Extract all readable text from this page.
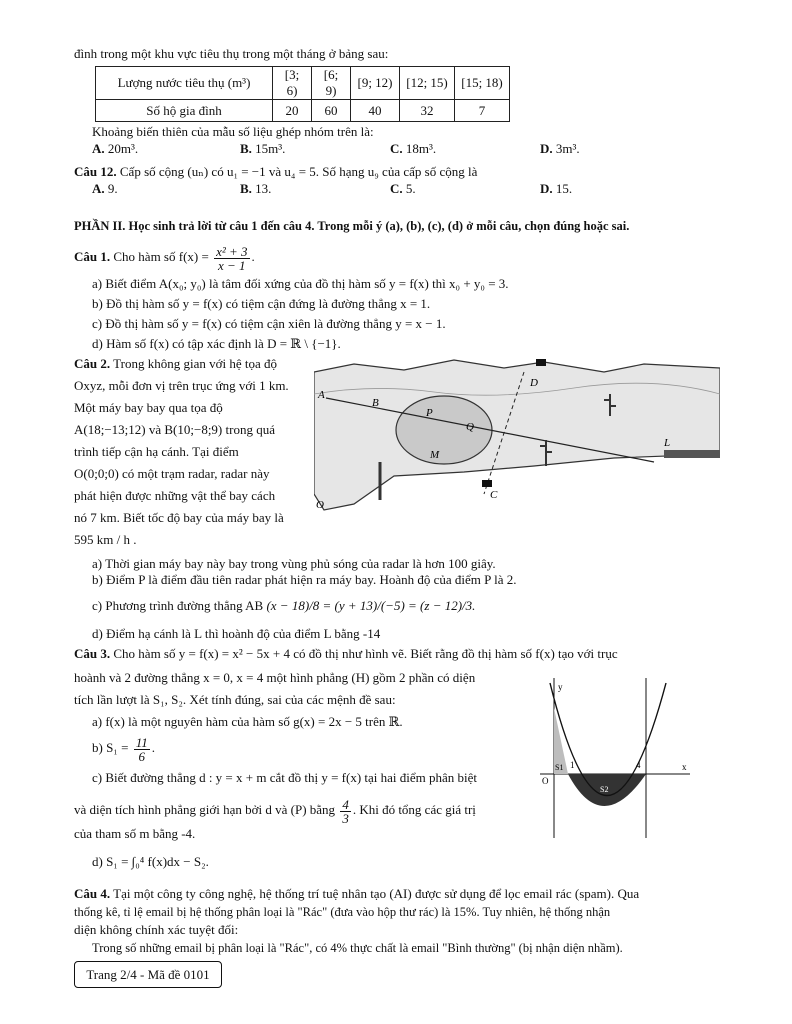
đình trong một khu vực tiêu thụ trong một tháng ở bảng sau:
Lượng nước tiêu thụ (m³)	[3; 6)	[6; 9)	[9; 12)	[12; 15)	[15; 18)
Số hộ gia đình	20	60	40	32	7
Khoảng biến thiên của mẫu số liệu ghép nhóm trên là:
A. 20m³.	B. 15m³.	C. 18m³.	D. 3m³.
Câu 12. Cấp số cộng (uₙ) có u₁ = −1 và u₄ = 5. Số hạng u₉ của cấp số cộng là
A. 9.	B. 13.	C. 5.	D. 15.
PHẦN II. Học sinh trả lời từ câu 1 đến câu 4. Trong mỗi ý (a), (b), (c), (d) ở mỗi câu, chọn đúng hoặc sai.
Câu 1. Cho hàm số $f(x) = \frac{\text{x² + 3}}{x - 1}$ .
a) Biết điểm A(x₀; y₀) là tâm đối xứng của đồ thị hàm số y = f(x) thì x₀ + y₀ = 3.
b) Đồ thị hàm số y = f(x) có tiệm cận đứng là đường thẳng x = 1.
c) Đồ thị hàm số y = f(x) có tiệm cận xiên là đường thẳng y = x − 1.
d) Hàm số f(x) có tập xác định là D = ℝ \ {−1}.
Câu 2. Trong không gian với hệ tọa độ
Oxyz, mỗi đơn vị trên trục ứng với 1 km.
Một máy bay bay qua tọa độ
A(18;−13;12) và B(10;−8;9) trong quá
trình tiếp cận hạ cánh. Tại điểm
O(0;0;0) có một trạm radar, radar này
phát hiện được những vật thể bay cách
nó 7 km. Biết tốc độ bay của máy bay là
595 km / h .
A
B
P
Q
M
D
C
L
O
a) Thời gian máy bay này bay trong vùng phủ sóng của radar là hơn 100 giây.
b) Điểm P là điểm đầu tiên radar phát hiện ra máy bay. Hoành độ của điểm P là 2.
c) Phương trình đường thẳng AB (x − 18)/8 = (y + 13)/(−5) = (z − 12)/3.
d) Điểm hạ cánh là L thì hoành độ của điểm L bằng -14
Câu 3. Cho hàm số y = f(x) = x² − 5x + 4 có đồ thị như hình vẽ. Biết rằng đồ thị hàm số f(x) tạo với trục
hoành và 2 đường thẳng x = 0, x = 4 một hình phẳng (H) gồm 2 phần có diện
tích lần lượt là S₁, S₂. Xét tính đúng, sai của các mệnh đề sau:
a) f(x) là một nguyên hàm của hàm số g(x) = 2x − 5 trên ℝ.
b) $S_1 = \frac{11}{6}$ .
c) Biết đường thẳng d : y = x + m cắt đồ thị y = f(x) tại hai điểm phân biệt
và diện tích hình phẳng giới hạn bởi d và (P) bằng $\frac{4}{3}$ . Khi đó tổng các giá trị
của tham số m bằng -4.
d) S₁ = ∫₀⁴ f(x)dx − S₂.
y
x
O
1	4
S1
S2
Câu 4. Tại một công ty công nghệ, hệ thống trí tuệ nhân tạo (AI) được sử dụng để lọc email rác (spam). Qua
thống kê, tỉ lệ email bị hệ thống phân loại là "Rác" (đưa vào hộp thư rác) là 15%. Tuy nhiên, hệ thống nhận
diện không chính xác tuyệt đối:
Trong số những email bị phân loại là "Rác", có 4% thực chất là email "Bình thường" (bị nhận diện nhầm).
Trang 2/4 - Mã đề 0101
